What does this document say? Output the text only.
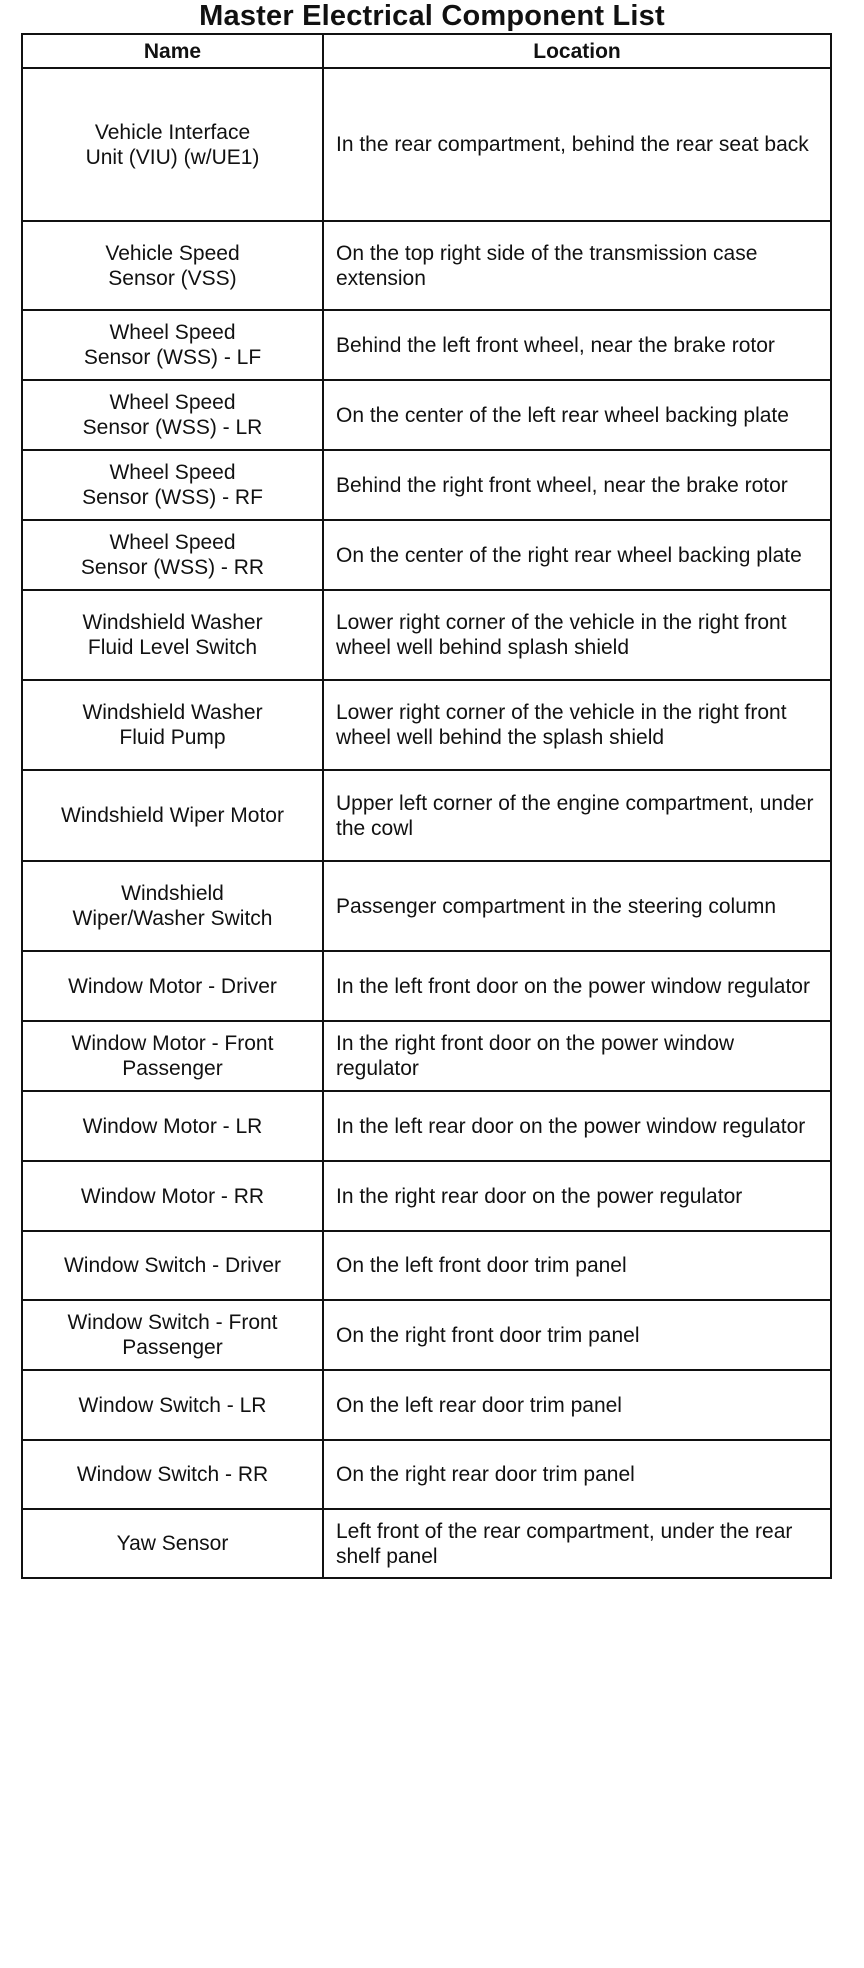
Master Electrical Component List
Name	Location

Vehicle Interface
Unit (VIU) (w/UE1)	In the rear compartment, behind the rear seat back

Vehicle Speed
Sensor (VSS)	On the top right side of the transmission case extension

Wheel Speed
Sensor (WSS) - LF	Behind the left front wheel, near the brake rotor

Wheel Speed
Sensor (WSS) - LR	On the center of the left rear wheel backing plate

Wheel Speed
Sensor (WSS) - RF	Behind the right front wheel, near the brake rotor

Wheel Speed
Sensor (WSS) - RR	On the center of the right rear wheel backing plate

Windshield Washer
Fluid Level Switch	Lower right corner of the vehicle in the right front wheel well behind splash shield

Windshield Washer
Fluid Pump	Lower right corner of the vehicle in the right front wheel well behind the splash shield

Windshield Wiper Motor	Upper left corner of the engine compartment, under the cowl

Windshield
Wiper/Washer Switch	Passenger compartment in the steering column

Window Motor - Driver	In the left front door on the power window regulator

Window Motor - Front
Passenger	In the right front door on the power window regulator

Window Motor - LR	In the left rear door on the power window regulator

Window Motor - RR	In the right rear door on the power regulator

Window Switch - Driver	On the left front door trim panel

Window Switch - Front
Passenger	On the right front door trim panel

Window Switch - LR	On the left rear door trim panel

Window Switch - RR	On the right rear door trim panel

Yaw Sensor	Left front of the rear compartment, under the rear shelf panel
